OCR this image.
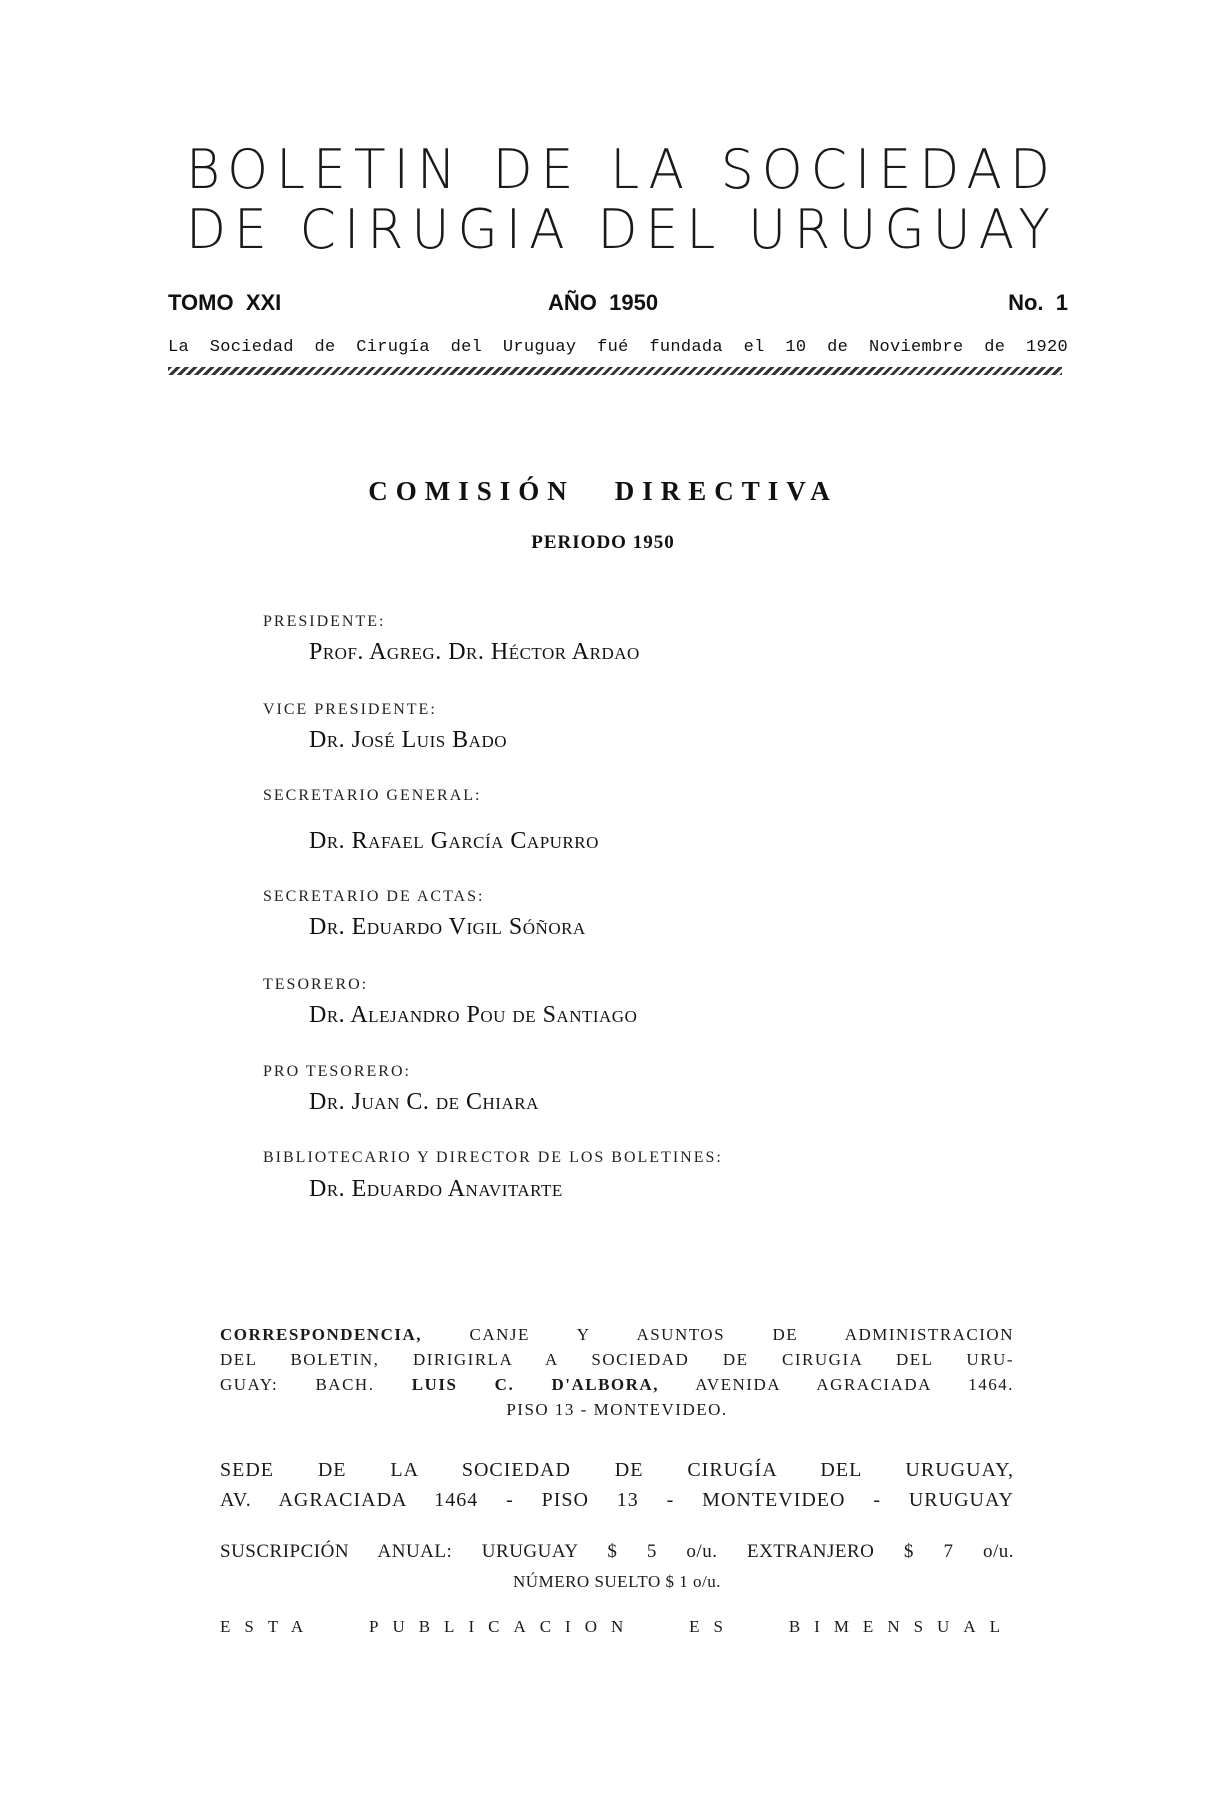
BOLETIN DE LA SOCIEDAD
DE CIRUGIA DEL URUGUAY
TOMO  XXI	AÑO  1950	No.  1
La Sociedad de Cirugía del Uruguay fué fundada el 10 de Noviembre de 1920
COMISIÓN DIRECTIVA
PERIODO 1950
PRESIDENTE:
Prof. Agreg. Dr. Héctor Ardao
VICE PRESIDENTE:
Dr. José Luis Bado
SECRETARIO GENERAL:
Dr. Rafael García Capurro
SECRETARIO DE ACTAS:
Dr. Eduardo Vigil Sóñora
TESORERO:
Dr. Alejandro Pou de Santiago
PRO TESORERO:
Dr. Juan C. de Chiara
BIBLIOTECARIO Y DIRECTOR DE LOS BOLETINES:
Dr. Eduardo Anavitarte
CORRESPONDENCIA, CANJE Y ASUNTOS DE ADMINISTRACION
DEL BOLETIN, DIRIGIRLA A SOCIEDAD DE CIRUGIA DEL URU-
GUAY: BACH. LUIS C. D'ALBORA, AVENIDA AGRACIADA 1464.
PISO 13 - MONTEVIDEO.
SEDE DE LA SOCIEDAD DE CIRUGÍA DEL URUGUAY,
AV. AGRACIADA 1464 - PISO 13 - MONTEVIDEO - URUGUAY
SUSCRIPCIÓN ANUAL: URUGUAY $ 5 o/u. EXTRANJERO $ 7 o/u.
NÚMERO SUELTO $ 1 o/u.
ESTA	PUBLICACION	ES	BIMENSUAL
